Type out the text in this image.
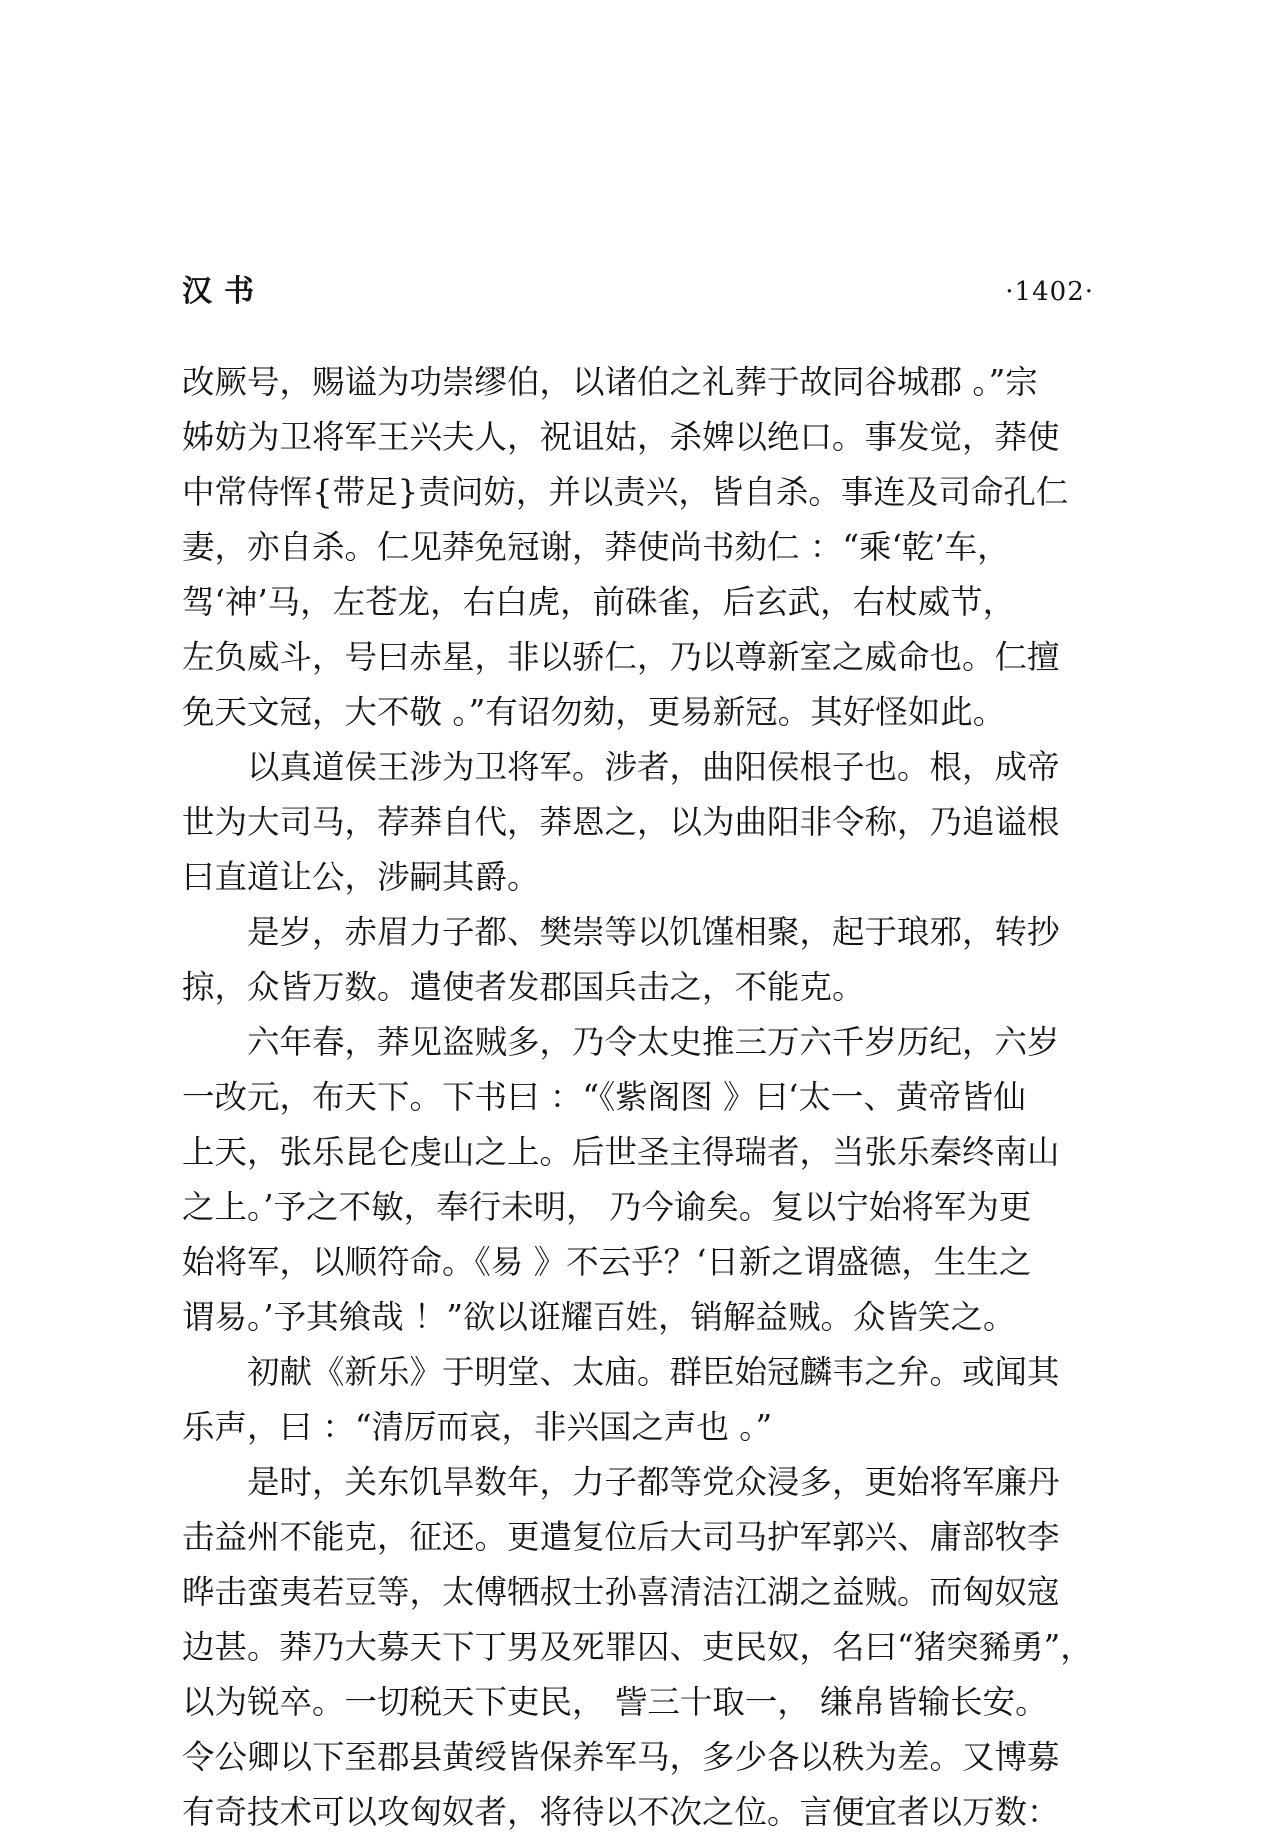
汉书	·1402·
改厥号，赐谥为功崇缪伯，以诸伯之礼葬于故同谷城郡 。”宗
姊妨为卫将军王兴夫人，祝诅姑，杀婢以绝口。事发觉，莽使
中常侍恽{带足}责问妨，并以责兴，皆自杀。事连及司命孔仁
妻，亦自杀。仁见莽免冠谢，莽使尚书劾仁 ：“乘‘乾’车，
驾‘神’马，左苍龙，右白虎，前硃雀，后玄武，右杖威节，
左负威斗，号曰赤星，非以骄仁，乃以尊新室之威命也。仁擅
免天文冠，大不敬 。”有诏勿劾，更易新冠。其好怪如此。
以真道侯王涉为卫将军。涉者，曲阳侯根子也。根，成帝
世为大司马，荐莽自代，莽恩之，以为曲阳非令称，乃追谥根
曰直道让公，涉嗣其爵。
是岁，赤眉力子都、樊崇等以饥馑相聚，起于琅邪，转抄
掠，众皆万数。遣使者发郡国兵击之，不能克。
六年春，莽见盗贼多，乃令太史推三万六千岁历纪，六岁
一改元，布天下。下书曰 ：“《紫阁图 》曰‘太一、黄帝皆仙
上天，张乐昆仑虔山之上。后世圣主得瑞者，当张乐秦终南山
之上。’予之不敏，奉行未明， 乃今谕矣。复以宁始将军为更
始将军，以顺符命。《易 》不云乎？‘日新之谓盛德，生生之
谓易。’予其飨哉 ！”欲以诳耀百姓，销解益贼。众皆笑之。
初献《新乐》于明堂、太庙。群臣始冠麟韦之弁。或闻其
乐声，曰 ：“清厉而哀，非兴国之声也 。”
是时，关东饥旱数年，力子都等党众浸多，更始将军廉丹
击益州不能克，征还。更遣复位后大司马护军郭兴、庸部牧李
晔击蛮夷若豆等，太傅牺叔士孙喜清洁江湖之益贼。而匈奴寇
边甚。莽乃大募天下丁男及死罪囚、吏民奴，名曰“猪突豨勇”，
以为锐卒。一切税天下吏民， 訾三十取一， 缣帛皆输长安。
令公卿以下至郡县黄绶皆保养军马，多少各以秩为差。又博募
有奇技术可以攻匈奴者，将待以不次之位。言便宜者以万数：
